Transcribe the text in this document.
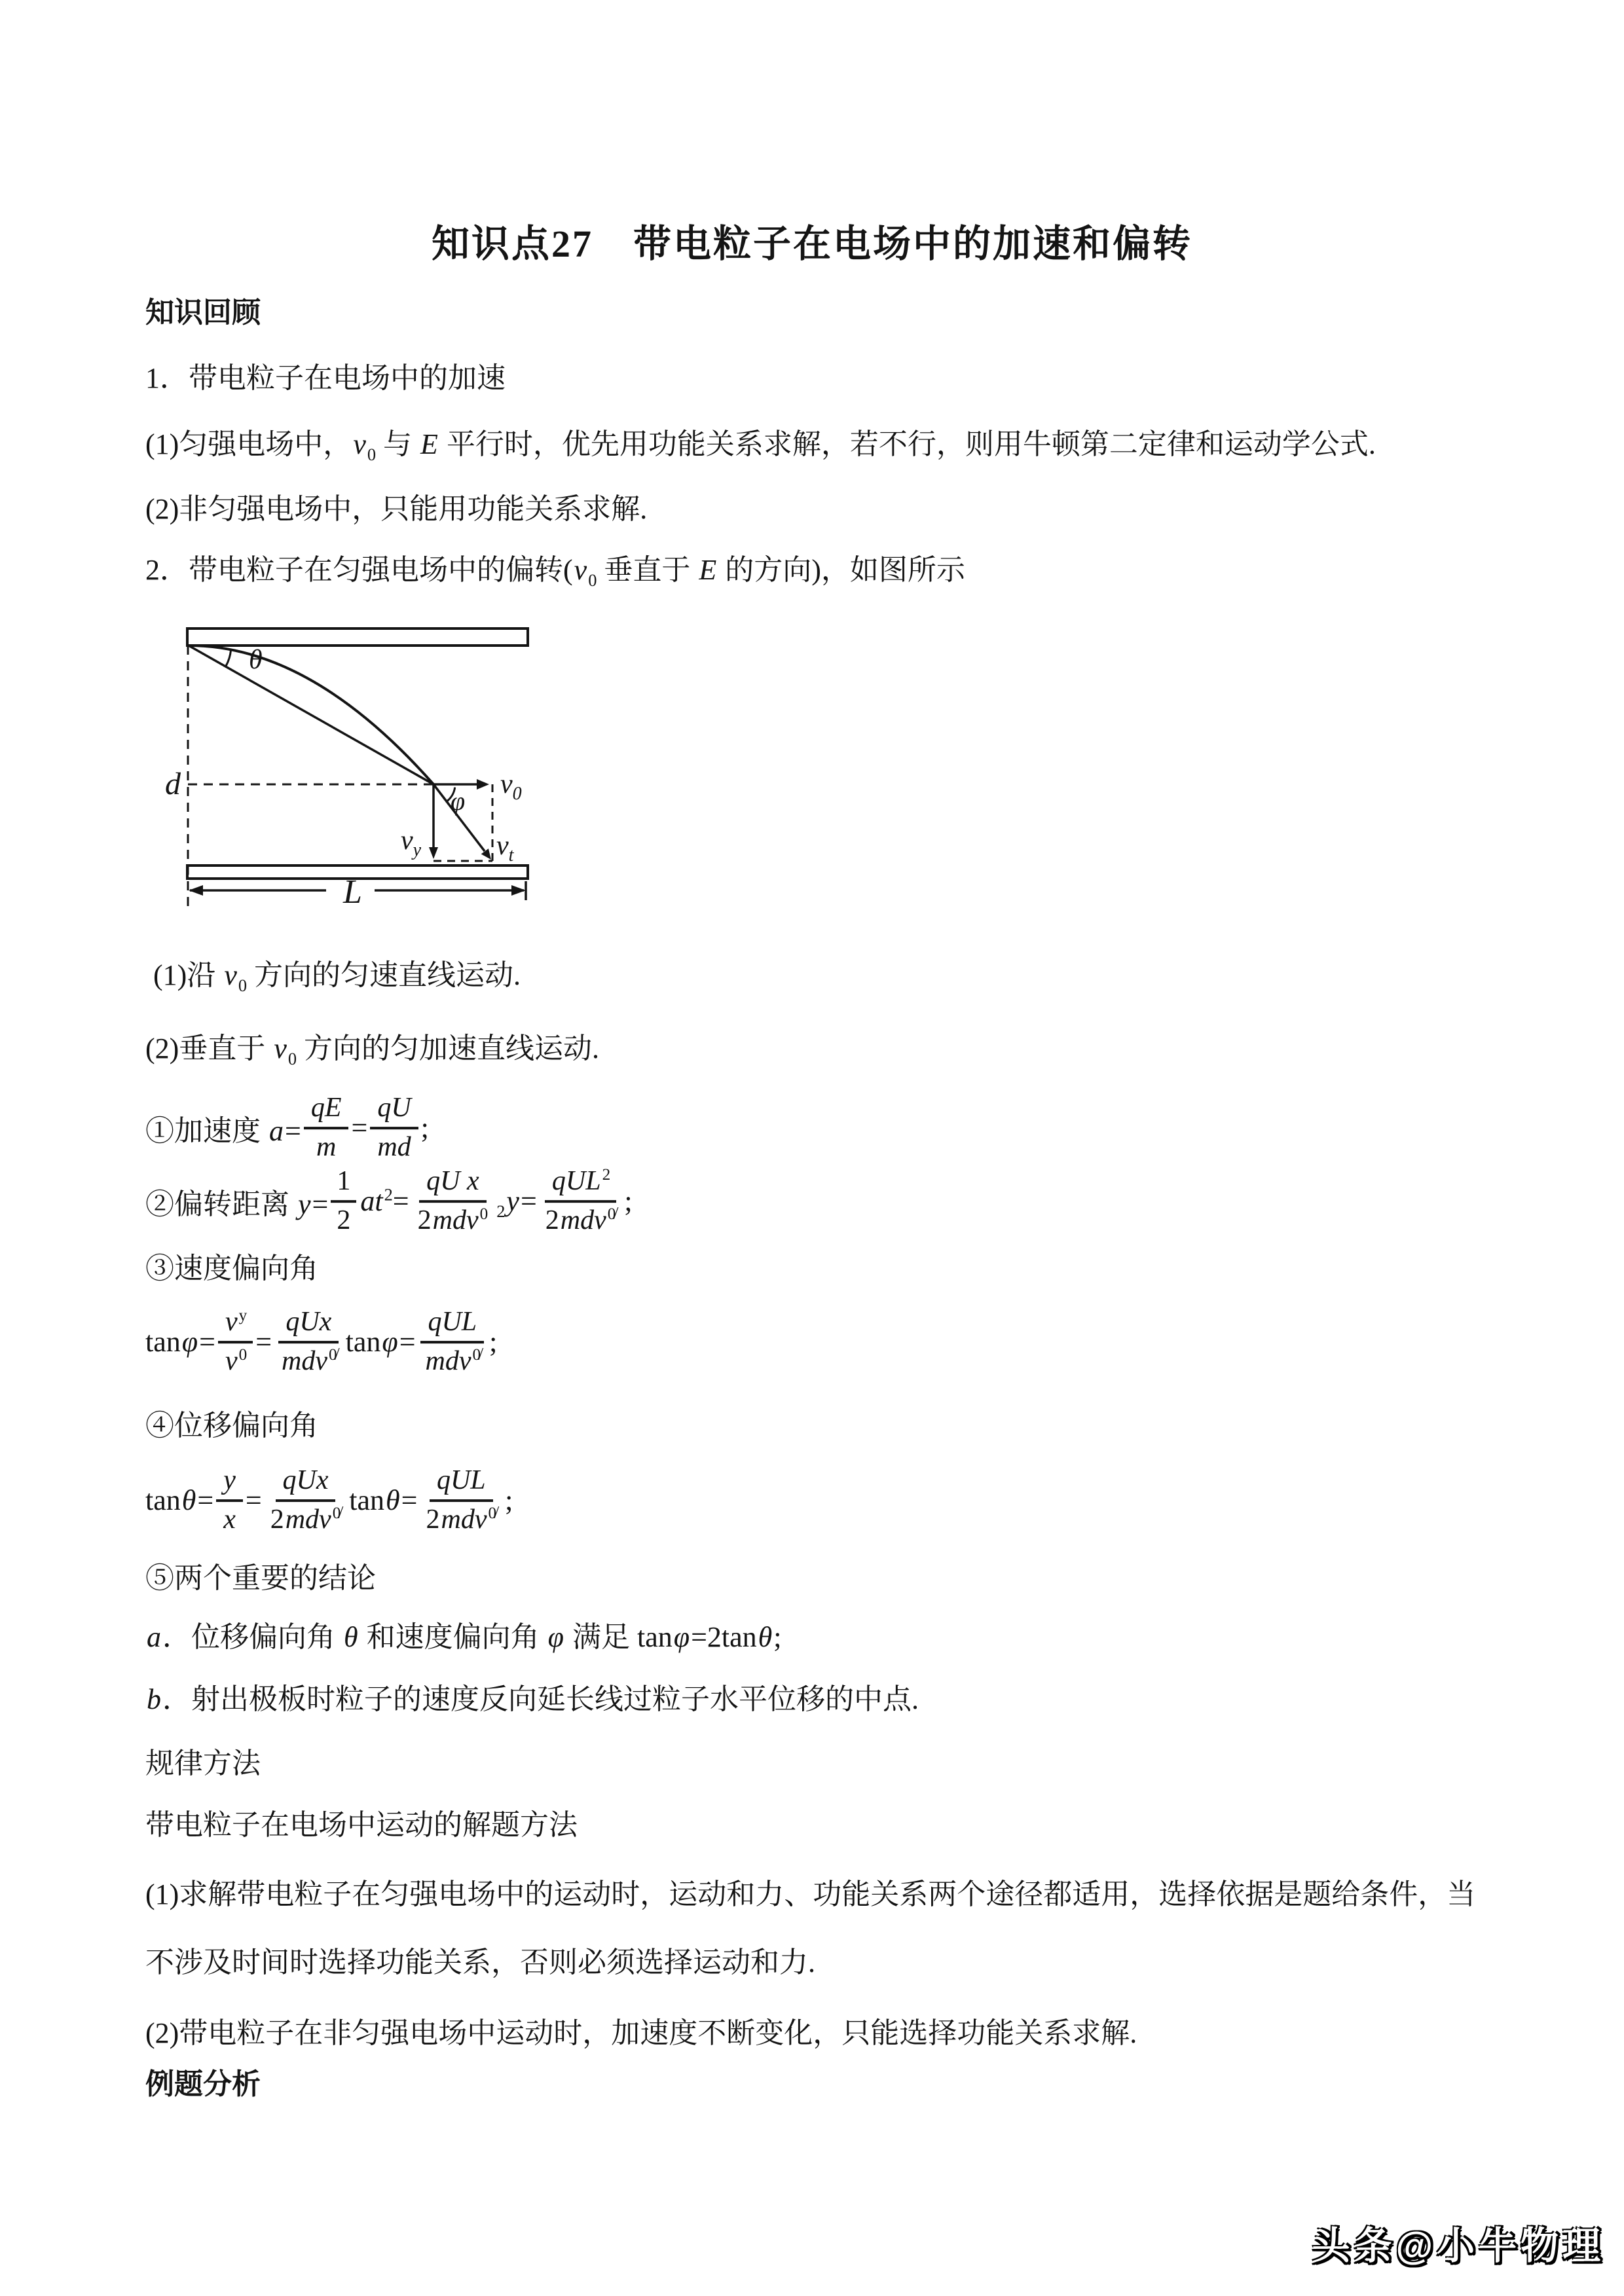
知识点27　带电粒子在电场中的加速和偏转
知识回顾
1．带电粒子在电场中的加速
(1)匀强电场中，$v_0$ 与 E 平行时，优先用功能关系求解，若不行，则用牛顿第二定律和运动学公式.
(2)非匀强电场中，只能用功能关系求解.
2．带电粒子在匀强电场中的偏转($v_0$ 垂直于 E 的方向)，如图所示
θ
d	$v_0$
φ
$v_y$	$v_t$
L
(1)沿 $v_0$ 方向的匀速直线运动.
(2)垂直于 $v_0$ 方向的匀加速直线运动.
①加速度 $a= \frac{qE}{m} = \frac{qU}{md}$ ;
②偏转距离 $y= \frac{1}{2} at^2= \frac{\text{qU x}}{2mdv^0} _2y= \frac{qUL^2}{2mdv^{0̸}}$ ;
③速度偏向角
$\tan\varphi= \frac{v^y}{v^0} = \frac{\text{qUx}}{mdv^{0̸}} \tan\varphi= \frac{\text{qUL}}{mdv^{0̸}}$ ;
④位移偏向角
$\tan\theta= \frac{y}{x} = \frac{\text{qUx}}{2mdv^{0̸}} \tan\theta= \frac{\text{qUL}}{2mdv^{0̸}}$ ;
⑤两个重要的结论
a．位移偏向角 θ 和速度偏向角 φ 满足 tanφ=2tanθ;
b．射出极板时粒子的速度反向延长线过粒子水平位移的中点.
规律方法
带电粒子在电场中运动的解题方法
(1)求解带电粒子在匀强电场中的运动时，运动和力、功能关系两个途径都适用，选择依据是题给条件，当
不涉及时间时选择功能关系，否则必须选择运动和力.
(2)带电粒子在非匀强电场中运动时，加速度不断变化，只能选择功能关系求解.
例题分析
头条@小牛物理
